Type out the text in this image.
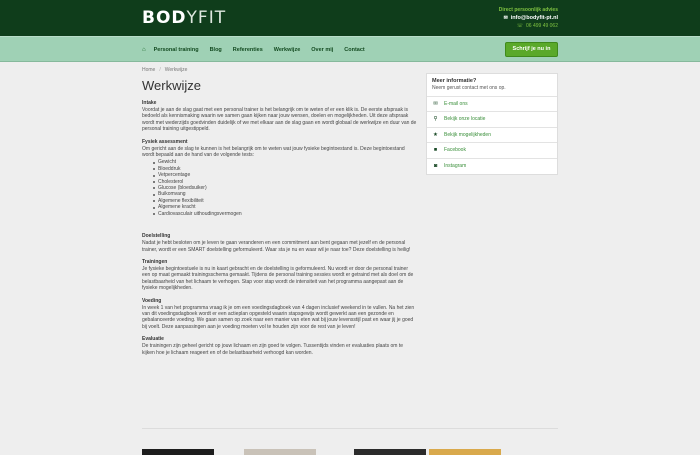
BODYFIT	Direct persoonlijk advies
✉ info@bodyfit-pt.nl
☏ 06 499 49 062
⌂ Personal training Blog Referenties Werkwijze Over mij Contact	Schrijf je nu in
Home / Werkwijze
Werkwijze
Intake

Voordat je aan de slag gaat met een personal trainer is het belangrijk om te weten of er een klik is. De eerste afspraak is bedoeld als kennismaking waarin we samen gaan kijken naar jouw wensen, doelen en mogelijkheden. Uit deze afspraak wordt met wederzijds goedvinden duidelijk of we met elkaar aan de slag gaan en wordt globaal de werkwijze en duur van de personal training uitgestippeld.

Fysiek assessment

Om gericht aan de slag te kunnen is het belangrijk om te weten wat jouw fysieke begintoestand is. Deze begintoestand wordt bepaald aan de hand van de volgende tests:

Gewicht
Bloeddruk
Vetpercentage
Cholesterol
Glucose (bloedsuiker)
Buikomvang
Algemene flexibiliteit
Algemene kracht
Cardiovasculair uithoudingsvermogen
Doelstelling

Nadat je hebt besloten om je leven te gaan veranderen en een commitment aan bent gegaan met jezelf en de personal trainer, wordt er een SMART doelstelling geformuleerd. Waar sta je nu en waar wil je naar toe? Deze doelstelling is heilig!

Trainingen

Je fysieke begintoestuele is nu in kaart gebracht en de doelstelling is geformuleerd. Nu wordt er door de personal trainer een op maat gemaakt trainingsschema gemaakt. Tijdens de personal training sessies wordt er getraind met als doel om de belastbaarheid van het lichaam te verhogen. Stap voor stap wordt de intensiteit van het programma aangepast aan de fysieke mogelijkheden.

Voeding

In week 1 van het programma vraag ik je om een voedingsdagboek van 4 dagen inclusief weekend in te vullen. Na het zien van dit voedingsdagboek wordt er een actieplan opgesteld waarin stapsgewijs wordt gewerkt aan een gezonde en gebalanceerde voeding. We gaan samen op zoek naar een manier van eten wat bij jouw levensstijl past en waar jij je goed bij voelt. Deze aanpassingen aan je voeding moeten vol te houden zijn voor de rest van je leven!

Evaluatie

De trainingen zijn geheel gericht op jouw lichaam en zijn goed te volgen. Tussentijds vinden er evaluaties plaats om te kijken hoe je lichaam reageert en of de belastbaarheid verhoogd kan worden.

Meer informatie?
Neem gerust contact met ons op.
✉ E-mail ons
⚲ Bekijk onze locatie
★ Bekijk mogelijkheden
■	Facebook
◙	Instagram
